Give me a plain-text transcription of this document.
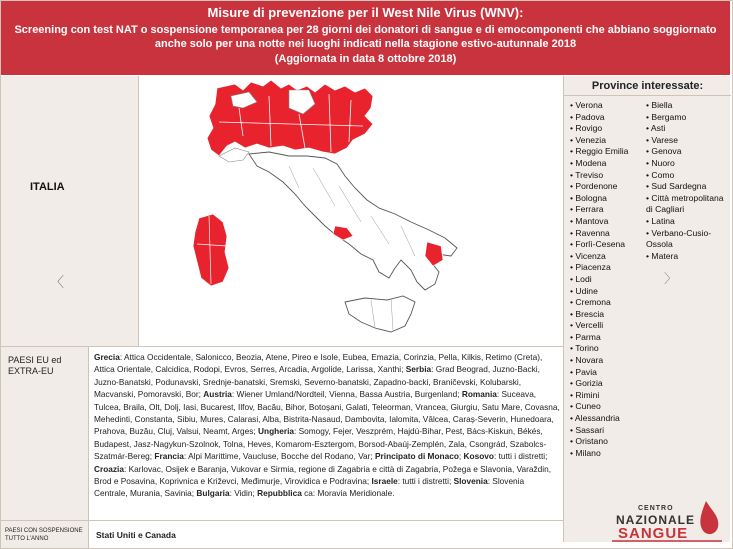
Misure di prevenzione per il West Nile Virus (WNV):
Screening con test NAT o sospensione temporanea per 28 giorni dei donatori di sangue e di emocomponenti che abbiano soggiornato anche solo per una notte nei luoghi indicati nella stagione estivo-autunnale 2018
(Aggiornata in data 8 ottobre 2018)
ITALIA
〈
Province interessate:
• Verona
• Padova
• Rovigo
• Venezia
• Reggio Emilia
• Modena
• Treviso
• Pordenone
• Bologna
• Ferrara
• Mantova
• Ravenna
• Forlì-Cesena
• Vicenza
• Piacenza
• Lodi
• Udine
• Cremona
• Brescia
• Vercelli
• Parma
• Torino
• Novara
• Pavia
• Gorizia
• Rimini
• Cuneo
• Alessandria
• Sassari
• Oristano
• Milano
• Biella
• Bergamo
• Asti
• Varese
• Genova
• Nuoro
• Como
• Sud Sardegna
• Città metropolitana di Cagliari
• Latina
• Verbano-Cusio-Ossola
• Matera
〉
PAESI EU ed EXTRA-EU
Grecia: Attica Occidentale, Salonicco, Beozia, Atene, Pireo e Isole, Eubea, Emazia, Corinzia, Pella, Kilkis, Retimo (Creta), Attica Orientale, Calcidica, Rodopi, Evros, Serres, Arcadia, Argolide, Larissa, Xanthi; Serbia: Grad Beograd, Juzno-Backi, Juzno-Banatski, Podunavski, Srednje-banatski, Sremski, Severno-banatski, Zapadno-backi, Braničevski, Kolubarski, Macvanski, Pomoravski, Bor; Austria: Wiener Umland/Nordteil, Vienna, Bassa Austria, Burgenland; Romania: Suceava, Tulcea, Braila, Olt, Dolj, Iasi, Bucarest, Ilfov, Bacău, Bihor, Botoșani, Galati, Teleorman, Vrancea, Giurgiu, Satu Mare, Covasna, Mehedinti, Constanta, Sibiu, Mures, Calarasi, Alba, Bistrita-Nasaud, Dambovita, Ialomita, Vâlcea, Caraș-Severin, Hunedoara, Prahova, Buzău, Cluj, Valsui, Neamt, Arges; Ungheria: Somogy, Fejer, Veszprém, Hajdú-Bihar, Pest, Bács-Kiskun, Békés, Budapest, Jasz-Nagykun-Szolnok, Tolna, Heves, Komarom-Esztergom, Borsod-Abaúj-Zemplén, Zala, Csongrád, Szabolcs-Szatmár-Bereg; Francia: Alpi Marittime, Vaucluse, Bocche del Rodano, Var; Principato di Monaco; Kosovo: tutti i distretti; Croazia: Karlovac, Osijek e Baranja, Vukovar e Sirmia, regione di Zagabria e città di Zagabria, Požega e Slavonia, Varaždin, Brod e Posavina, Koprivnica e Križevci, Međimurje, Virovidica e Podravina; Israele: tutti i distretti; Slovenia: Slovenia Centrale, Murania, Savinia; Bulgaria: Vidin; Repubblica ca: Moravia Meridionale.
PAESI CON SOSPENSIONE TUTTO L'ANNO	Stati Uniti e Canada
CENTRO
NAZIONALE
SANGUE
